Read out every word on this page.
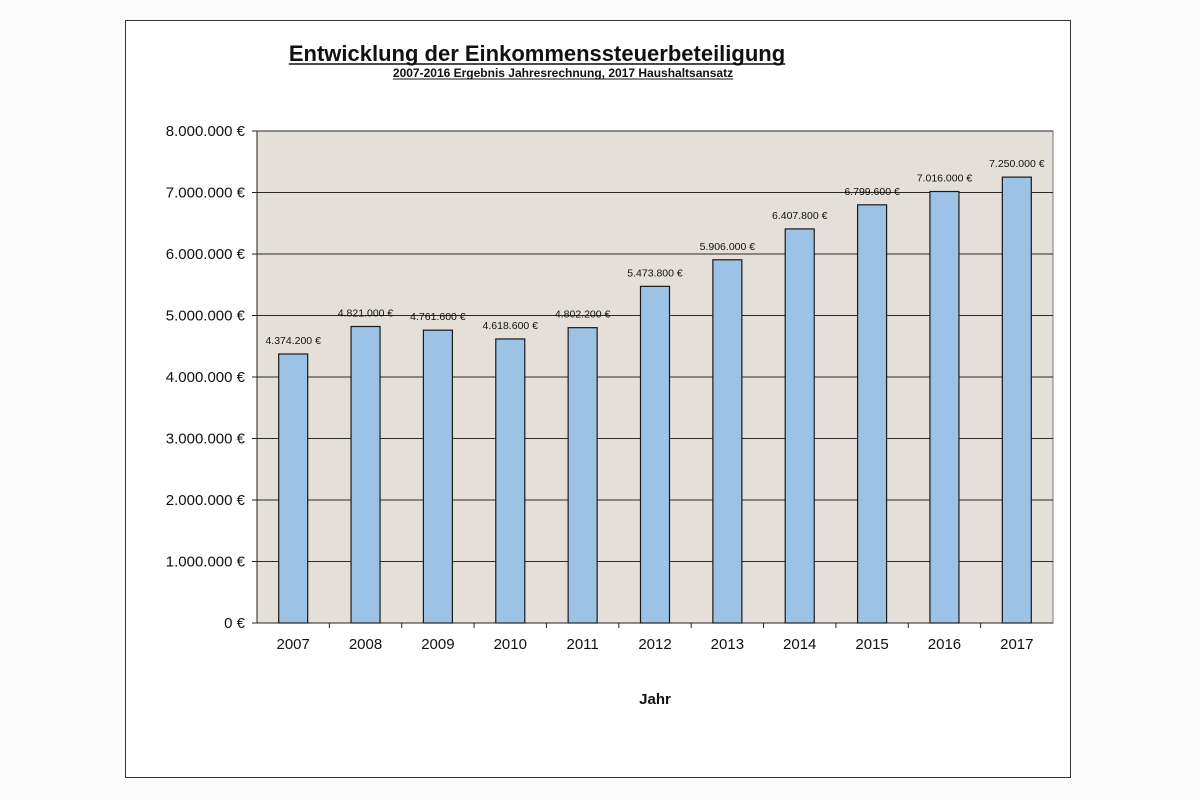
Entwicklung der Einkommenssteuerbeteiligung
2007-2016 Ergebnis Jahresrechnung, 2017 Haushaltsansatz
0 €
1.000.000 €
2.000.000 €
3.000.000 €
4.000.000 €
5.000.000 €
6.000.000 €
7.000.000 €
8.000.000 €
4.374.200 €
4.821.000 € 4.761.600 €
4.618.600 €
4.802.200 €
5.473.800 €
5.906.000 €
6.407.800 €
6.799.600 €
7.016.000 €
7.250.000 €
2007	2008	2009	2010	2011	2012	2013	2014	2015	2016	2017
Jahr
